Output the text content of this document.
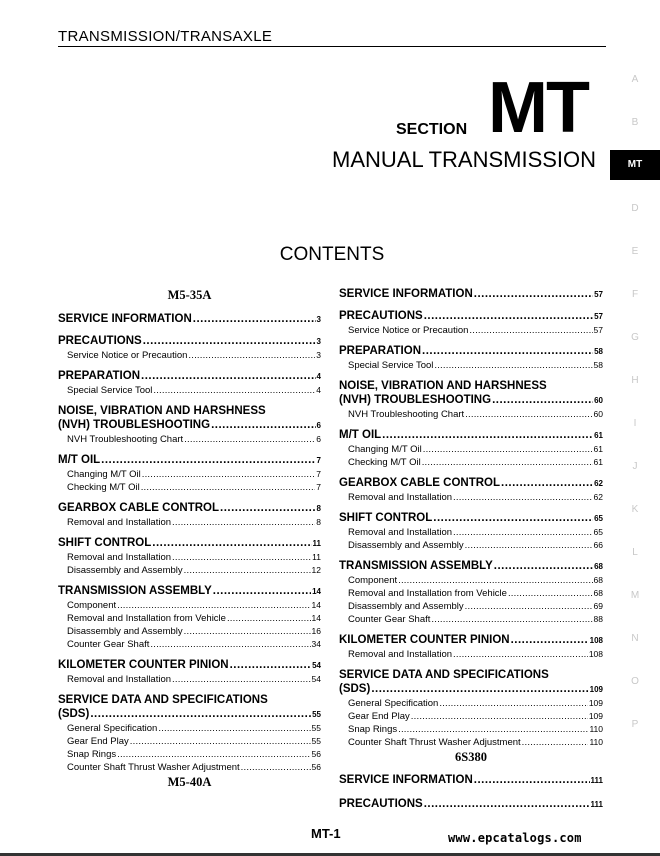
TRANSMISSION/TRANSAXLE
SECTION MT
MANUAL TRANSMISSION
A
B
MT
D
E
F
G
H
I
J
K
L
M
N
O
P
CONTENTS
M5-35A
SERVICE INFORMATION .....	3
PRECAUTIONS .....	3
Service Notice or Precaution .....	3
PREPARATION .....	4
Special Service Tool .....	4
NOISE, VIBRATION AND HARSHNESS
(NVH) TROUBLESHOOTING .....	6
NVH Troubleshooting Chart .....	6
M/T OIL .....	7
Changing M/T Oil .....	7
Checking M/T Oil .....	7
GEARBOX CABLE CONTROL .....	8
Removal and Installation .....	8
SHIFT CONTROL .....	11
Removal and Installation .....	11
Disassembly and Assembly .....	12
TRANSMISSION ASSEMBLY .....	14
Component .....	14
Removal and Installation from Vehicle .....	14
Disassembly and Assembly .....	16
Counter Gear Shaft .....	34
KILOMETER COUNTER PINION .....	54
Removal and Installation .....	54
SERVICE DATA AND SPECIFICATIONS
(SDS) .....	55
General Specification .....	55
Gear End Play .....	55
Snap Rings .....	56
Counter Shaft Thrust Washer Adjustment .....	56
M5-40A
SERVICE INFORMATION .....	57
PRECAUTIONS .....	57
Service Notice or Precaution .....	57
PREPARATION .....	58
Special Service Tool .....	58
NOISE, VIBRATION AND HARSHNESS
(NVH) TROUBLESHOOTING .....	60
NVH Troubleshooting Chart .....	60
M/T OIL .....	61
Changing M/T Oil .....	61
Checking M/T Oil .....	61
GEARBOX CABLE CONTROL .....	62
Removal and Installation .....	62
SHIFT CONTROL .....	65
Removal and Installation .....	65
Disassembly and Assembly .....	66
TRANSMISSION ASSEMBLY .....	68
Component .....	68
Removal and Installation from Vehicle .....	68
Disassembly and Assembly .....	69
Counter Gear Shaft .....	88
KILOMETER COUNTER PINION .....	108
Removal and Installation .....	108
SERVICE DATA AND SPECIFICATIONS
(SDS) .....	109
General Specification .....	109
Gear End Play .....	109
Snap Rings .....	110
Counter Shaft Thrust Washer Adjustment .....	110
6S380
SERVICE INFORMATION .....	111
PRECAUTIONS .....	111
MT-1	www.epcatalogs.com
